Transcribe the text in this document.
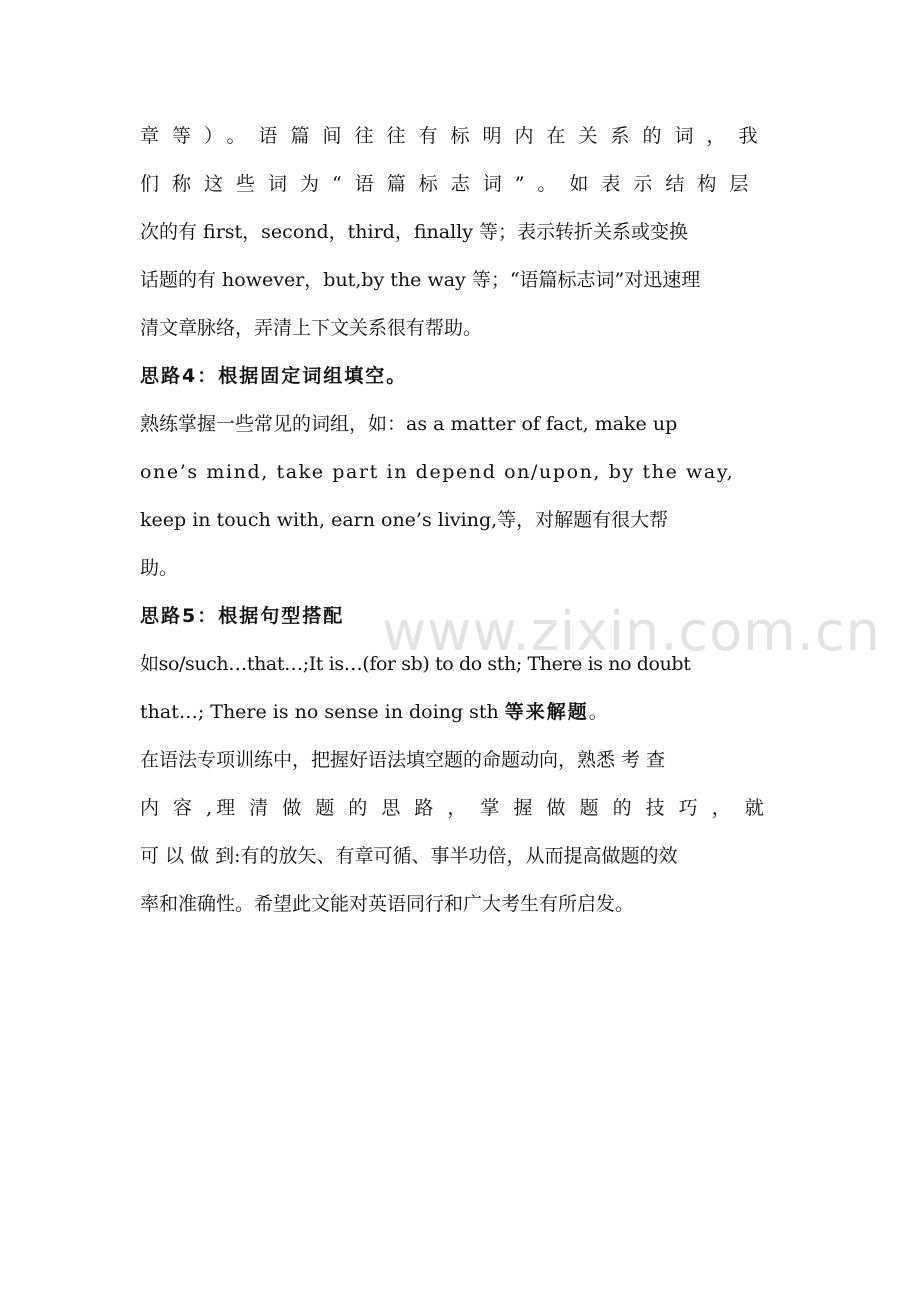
章等）。语篇间往往有标明内在关系的词，我
们称这些词为“语篇标志词”。如表示结构层
次的有 first，second，third，finally 等；表示转折关系或变换
话题的有 however，but,by the way 等；“语篇标志词”对迅速理
清文章脉络，弄清上下文关系很有帮助。
思路4：根据固定词组填空。
熟练掌握一些常见的词组，如：as a matter of fact, make up
one’s mind, take part in depend on/upon, by the way,
keep in touch with, earn one’s living,等，对解题有很大帮
助。
思路5：根据句型搭配
如so/such…that…;It is…(for sb) to do sth; There is no doubt
that…; There is no sense in doing sth 等来解题。
在语法专项训练中，把握好语法填空题的命题动向，熟悉 考 查
内 容 ,理 清 做 题 的 思 路 ， 掌 握 做 题 的 技 巧 ， 就
可 以 做 到:有的放矢、有章可循、事半功倍，从而提高做题的效
率和准确性。希望此文能对英语同行和广大考生有所启发。
www.zixin.com.cn
